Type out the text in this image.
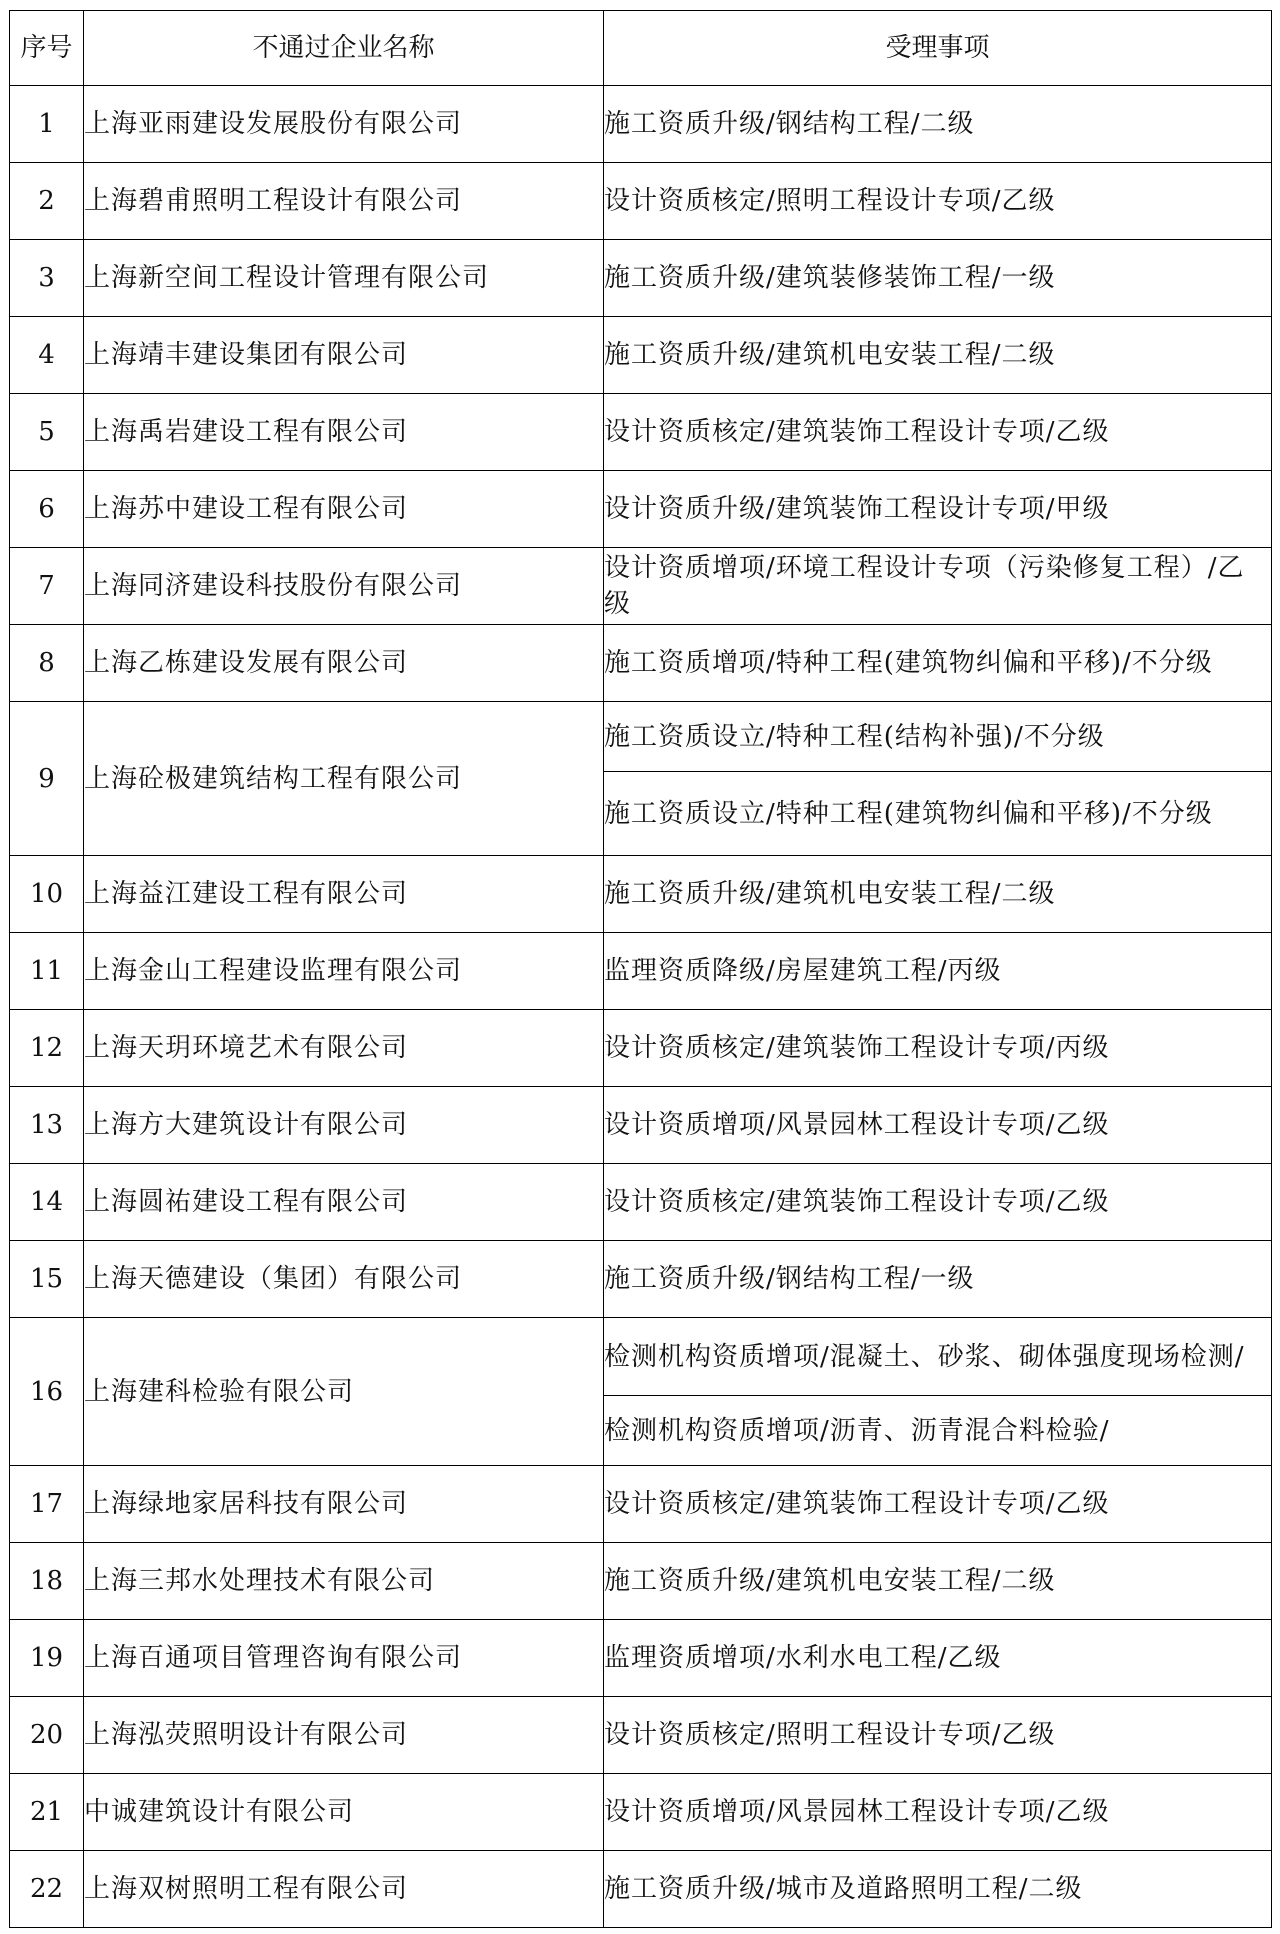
序号	不通过企业名称	受理事项
1	上海亚雨建设发展股份有限公司	施工资质升级/钢结构工程/二级
2	上海碧甫照明工程设计有限公司	设计资质核定/照明工程设计专项/乙级
3	上海新空间工程设计管理有限公司	施工资质升级/建筑装修装饰工程/一级
4	上海靖丰建设集团有限公司	施工资质升级/建筑机电安装工程/二级
5	上海禹岩建设工程有限公司	设计资质核定/建筑装饰工程设计专项/乙级
6	上海苏中建设工程有限公司	设计资质升级/建筑装饰工程设计专项/甲级
7	上海同济建设科技股份有限公司	设计资质增项/环境工程设计专项（污染修复工程）/乙级
8	上海乙栋建设发展有限公司	施工资质增项/特种工程(建筑物纠偏和平移)/不分级
9	上海砼极建筑结构工程有限公司	施工资质设立/特种工程(结构补强)/不分级
		施工资质设立/特种工程(建筑物纠偏和平移)/不分级
10	上海益江建设工程有限公司	施工资质升级/建筑机电安装工程/二级
11	上海金山工程建设监理有限公司	监理资质降级/房屋建筑工程/丙级
12	上海天玥环境艺术有限公司	设计资质核定/建筑装饰工程设计专项/丙级
13	上海方大建筑设计有限公司	设计资质增项/风景园林工程设计专项/乙级
14	上海圆祐建设工程有限公司	设计资质核定/建筑装饰工程设计专项/乙级
15	上海天德建设（集团）有限公司	施工资质升级/钢结构工程/一级
16	上海建科检验有限公司	检测机构资质增项/混凝土、砂浆、砌体强度现场检测/
		检测机构资质增项/沥青、沥青混合料检验/
17	上海绿地家居科技有限公司	设计资质核定/建筑装饰工程设计专项/乙级
18	上海三邦水处理技术有限公司	施工资质升级/建筑机电安装工程/二级
19	上海百通项目管理咨询有限公司	监理资质增项/水利水电工程/乙级
20	上海泓荧照明设计有限公司	设计资质核定/照明工程设计专项/乙级
21	中诚建筑设计有限公司	设计资质增项/风景园林工程设计专项/乙级
22	上海双树照明工程有限公司	施工资质升级/城市及道路照明工程/二级
